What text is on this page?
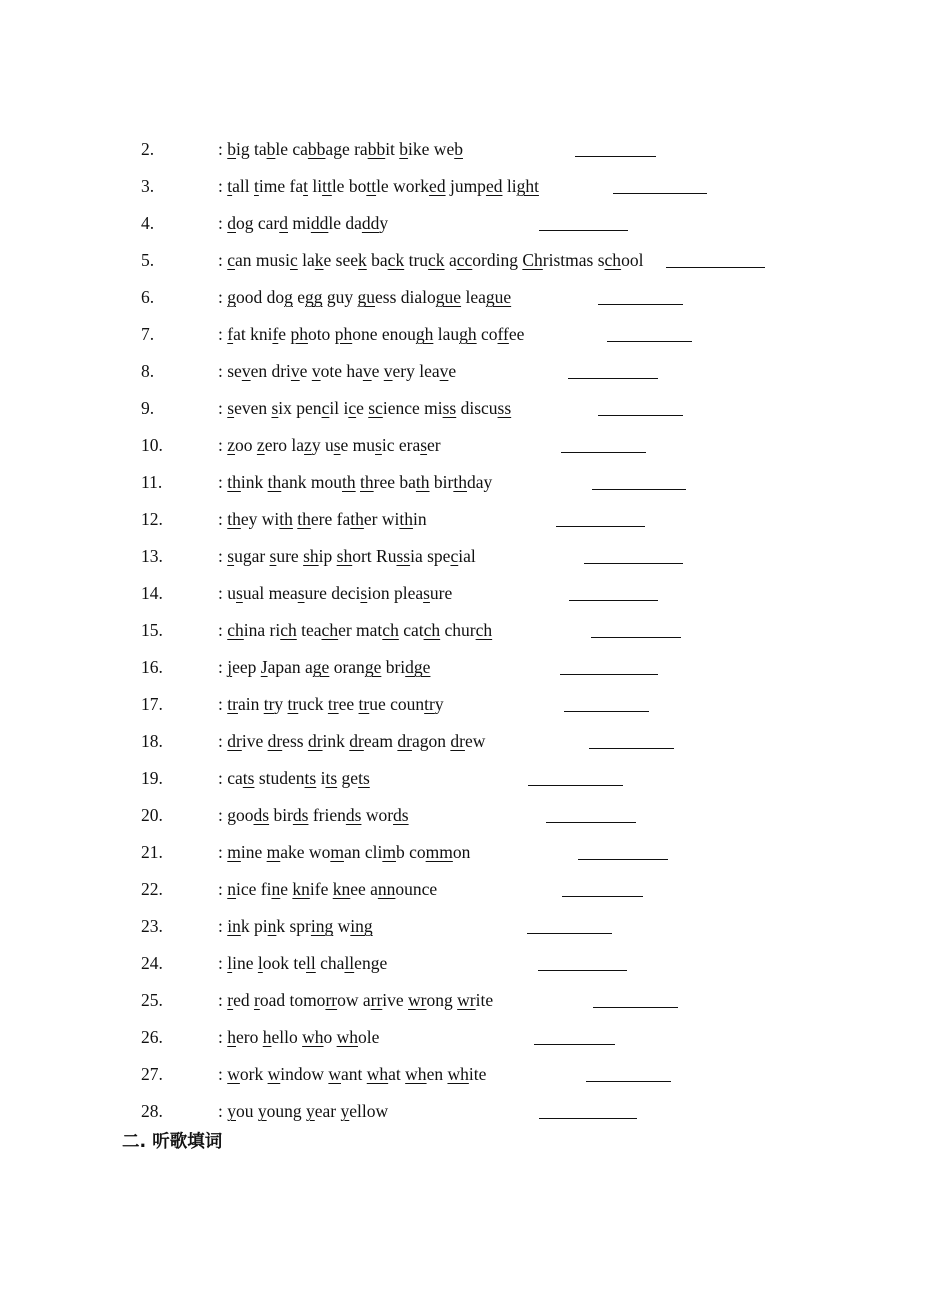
2.	: big table cabbage rabbit bike web
3.	: tall time fat little bottle worked jumped light
4.	: dog card middle daddy
5.	: can music lake seek back truck according Christmas school
6.	: good dog egg guy guess dialogue league
7.	: fat knife photo phone enough laugh coffee
8.	: seven drive vote have very leave
9.	: seven six pencil ice science miss discuss
10.	: zoo zero lazy use music eraser
11.	: think thank mouth three bath birthday
12.	: they with there father within
13.	: sugar sure ship short Russia special
14.	: usual measure decision pleasure
15.	: china rich teacher match catch church
16.	: jeep Japan age orange bridge
17.	: train try truck tree true country
18.	: drive dress drink dream dragon drew
19.	: cats students its gets
20.	: goods birds friends words
21.	: mine make woman climb common
22.	: nice fine knife knee announce
23.	: ink pink spring wing
24.	: line look tell challenge
25.	: red road tomorrow arrive wrong write
26.	: hero hello who whole
27.	: work window want what when white
28.	: you young year yellow
二. 听歌填词
